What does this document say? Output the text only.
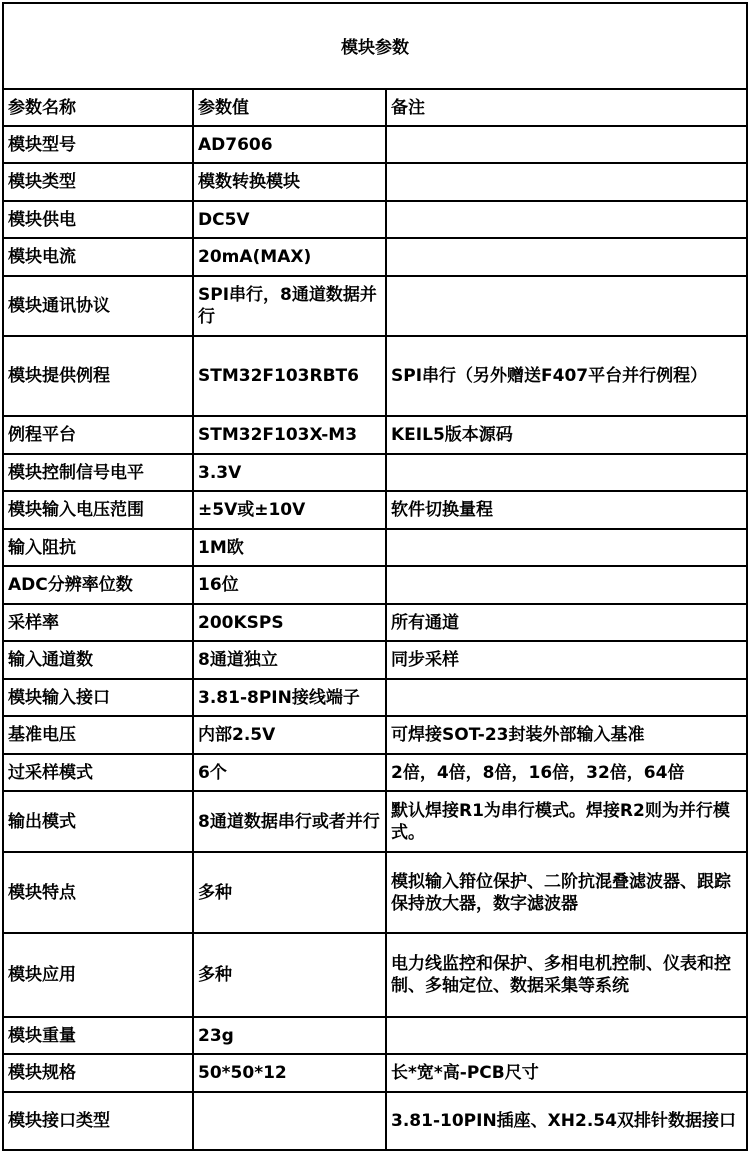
模块参数		
参数名称	参数值	备注
模块型号	AD7606	
模块类型	模数转换模块	
模块供电	DC5V	
模块电流	20mA(MAX)	
模块通讯协议	SPI串行，8通道数据并行	
模块提供例程	STM32F103RBT6	SPI串行（另外赠送F407平台并行例程）
例程平台	STM32F103X-M3	KEIL5版本源码
模块控制信号电平	3.3V	
模块输入电压范围	±5V或±10V	软件切换量程
输入阻抗	1M欧	
ADC分辨率位数	16位	
采样率	200KSPS	所有通道
输入通道数	8通道独立	同步采样
模块输入接口	3.81-8PIN接线端子	
基准电压	内部2.5V	可焊接SOT-23封装外部输入基准
过采样模式	6个	2倍，4倍，8倍，16倍，32倍，64倍
输出模式	8通道数据串行或者并行	默认焊接R1为串行模式。焊接R2则为并行模式。
模块特点	多种	模拟输入箝位保护、二阶抗混叠滤波器、跟踪保持放大器，数字滤波器
模块应用	多种	电力线监控和保护、多相电机控制、仪表和控制、多轴定位、数据采集等系统
模块重量	23g	
模块规格	50*50*12	长*宽*高-PCB尺寸
模块接口类型		3.81-10PIN插座、XH2.54双排针数据接口
